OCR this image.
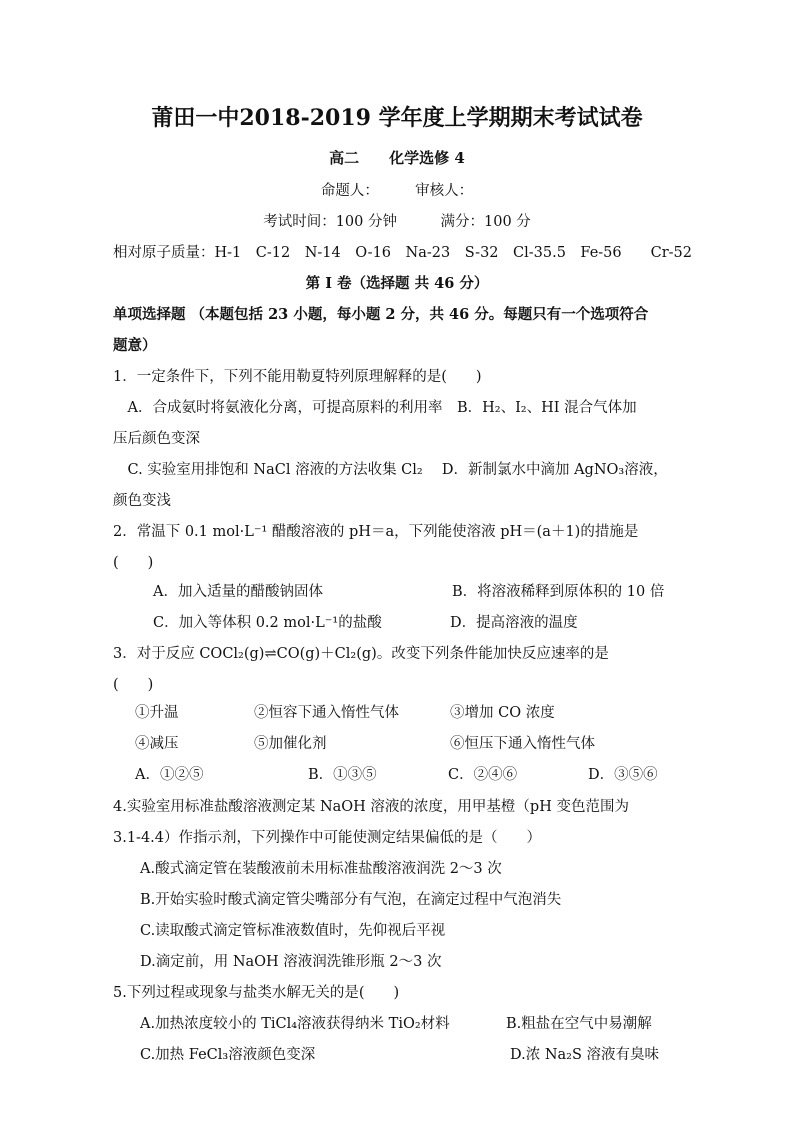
莆田一中2018-2019 学年度上学期期末考试试卷
高二　　化学选修 4
命题人：　　　审核人：
考试时间：100 分钟　　　满分：100 分
相对原子质量：H-1　C-12　N-14　O-16　Na-23　S-32　Cl-35.5　Fe-56　　Cr-52
第 I 卷（选择题 共 46 分）
单项选择题 （本题包括 23 小题，每小题 2 分，共 46 分。每题只有一个选项符合
题意）
1．一定条件下，下列不能用勒夏特列原理解释的是(　　)
　A．合成氨时将氨液化分离，可提高原料的利用率　B．H₂、I₂、HI 混合气体加
压后颜色变深
　C. 实验室用排饱和 NaCl 溶液的方法收集 Cl₂　 D．新制氯水中滴加 AgNO₃溶液，
颜色变浅
2．常温下 0.1 mol·L⁻¹ 醋酸溶液的 pH＝a，下列能使溶液 pH＝(a＋1)的措施是
(　　)
A．加入适量的醋酸钠固体	B．将溶液稀释到原体积的 10 倍
C．加入等体积 0.2 mol·L⁻¹的盐酸	D．提高溶液的温度
3．对于反应 COCl₂(g)⇌CO(g)＋Cl₂(g)。改变下列条件能加快反应速率的是
(　　)
①升温	②恒容下通入惰性气体	③增加 CO 浓度
④减压	⑤加催化剂	⑥恒压下通入惰性气体
A．①②⑤	B．①③⑤	C．②④⑥	D．③⑤⑥
4.实验室用标准盐酸溶液测定某 NaOH 溶液的浓度，用甲基橙（pH 变色范围为
3.1-4.4）作指示剂，下列操作中可能使测定结果偏低的是（　　）
A.酸式滴定管在装酸液前未用标准盐酸溶液润洗 2～3 次
B.开始实验时酸式滴定管尖嘴部分有气泡，在滴定过程中气泡消失
C.读取酸式滴定管标准液数值时，先仰视后平视
D.滴定前，用 NaOH 溶液润洗锥形瓶 2～3 次
5.下列过程或现象与盐类水解无关的是(　　)
A.加热浓度较小的 TiCl₄溶液获得纳米 TiO₂材料	B.粗盐在空气中易潮解
C.加热 FeCl₃溶液颜色变深	D.浓 Na₂S 溶液有臭味
